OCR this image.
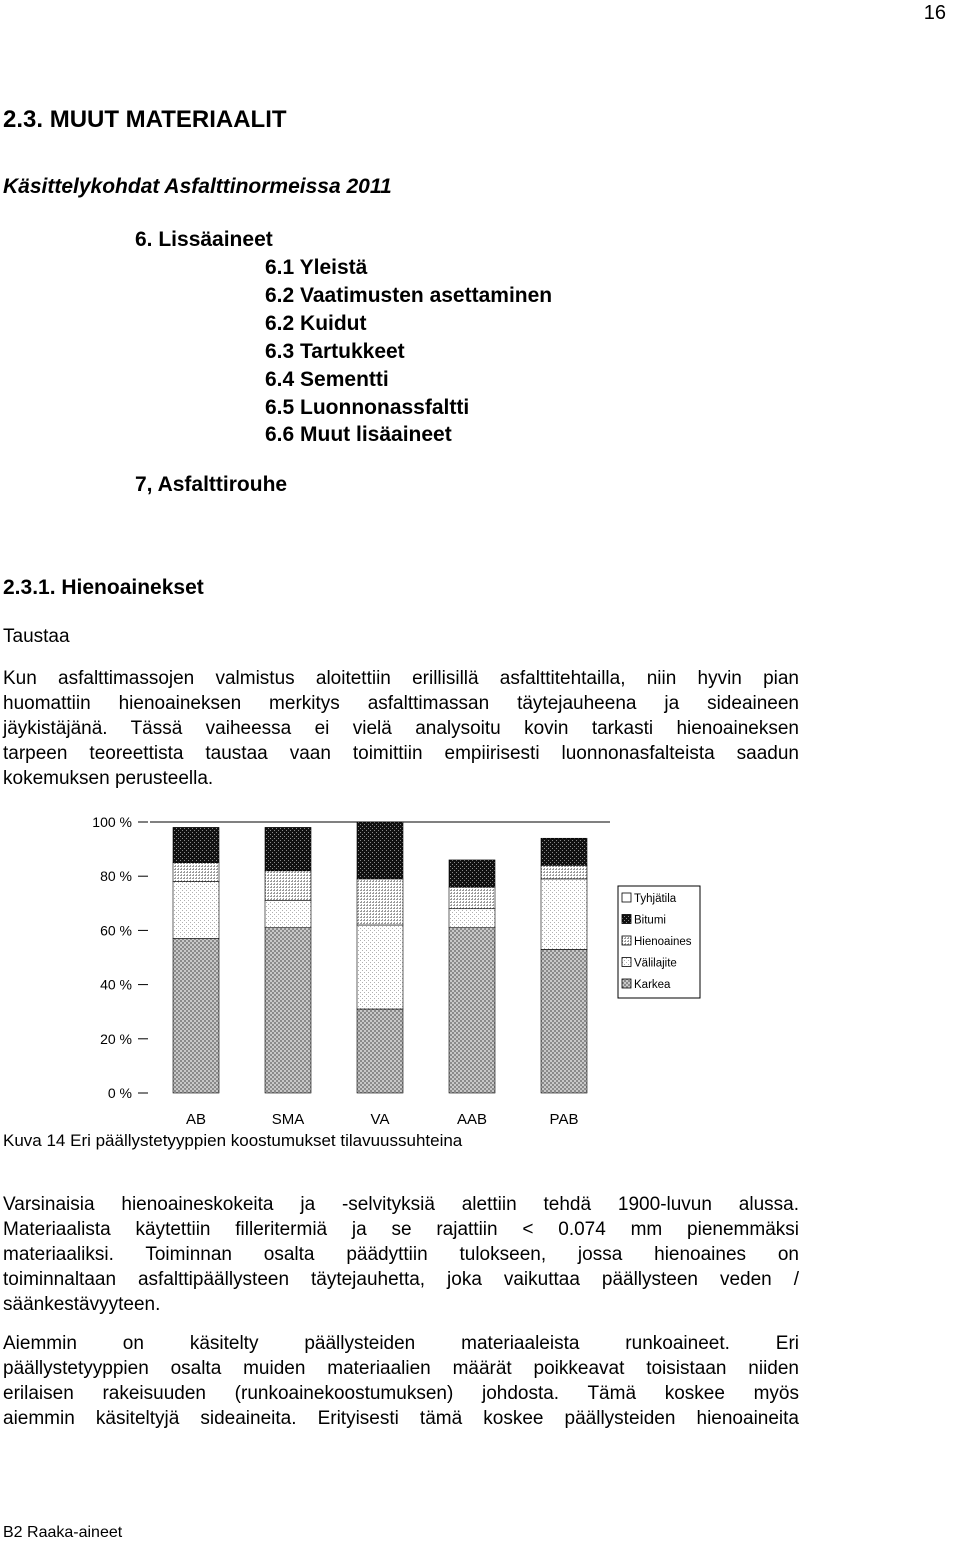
16
2.3. MUUT MATERIAALIT
Käsittelykohdat Asfalttinormeissa 2011
6. Lissäaineet
6.1 Yleistä
6.2 Vaatimusten asettaminen
6.2 Kuidut
6.3 Tartukkeet
6.4 Sementti
6.5 Luonnonassfaltti
6.6 Muut lisäaineet
7, Asfalttirouhe
2.3.1. Hienoainekset
Taustaa
Kun asfalttimassojen valmistus aloitettiin erillisillä asfalttitehtailla, niin hyvin pian
huomattiin hienoaineksen merkitys asfalttimassan täytejauheena ja sideaineen
jäykistäjänä. Tässä vaiheessa ei vielä analysoitu kovin tarkasti hienoaineksen
tarpeen teoreettista taustaa vaan toimittiin empiirisesti luonnonasfalteista saadun
kokemuksen perusteella.
100 %
80 %
60 %
40 %
20 %
0 %
AB	SMA	VA	AAB	PAB
Tyhjätila
Bitumi
Hienoaines
Välilajite
Karkea
Kuva 14 Eri päällystetyyppien koostumukset tilavuussuhteina
Varsinaisia hienoaineskokeita ja -selvityksiä alettiin tehdä 1900-luvun alussa.
Materiaalista käytettiin filleritermiä ja se rajattiin < 0.074 mm pienemmäksi
materiaaliksi. Toiminnan osalta päädyttiin tulokseen, jossa hienoaines on
toiminnaltaan asfalttipäällysteen täytejauhetta, joka vaikuttaa päällysteen veden /
säänkestävyyteen.
Aiemmin on käsitelty päällysteiden materiaaleista runkoaineet. Eri
päällystetyyppien osalta muiden materiaalien määrät poikkeavat toisistaan niiden
erilaisen rakeisuuden (runkoainekoostumuksen) johdosta. Tämä koskee myös
aiemmin käsiteltyjä sideaineita. Erityisesti tämä koskee päällysteiden hienoaineita
B2 Raaka-aineet
